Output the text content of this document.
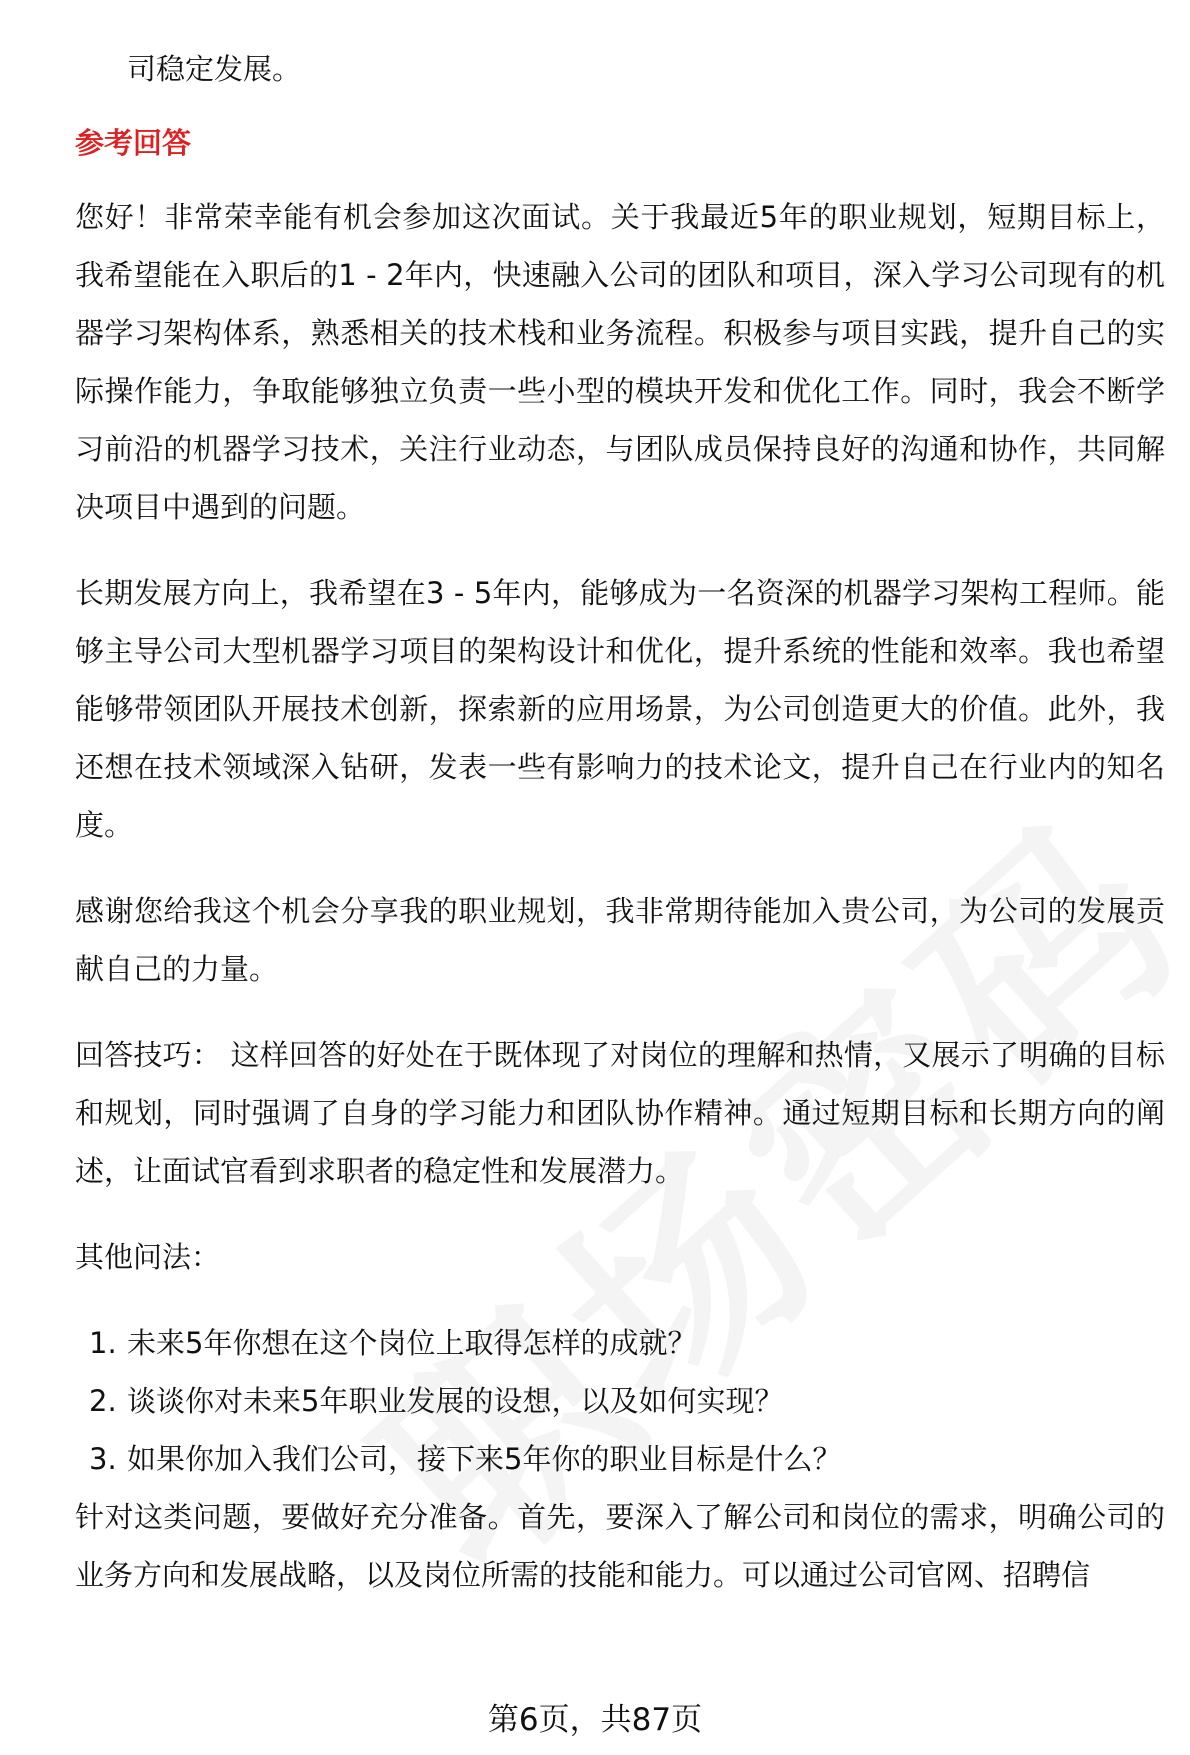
司稳定发展。

参考回答

您好！非常荣幸能有机会参加这次面试。关于我最近5年的职业规划，短期目标上，我希望能在入职后的1 - 2年内，快速融入公司的团队和项目，深入学习公司现有的机器学习架构体系，熟悉相关的技术栈和业务流程。积极参与项目实践，提升自己的实际操作能力，争取能够独立负责一些小型的模块开发和优化工作。同时，我会不断学习前沿的机器学习技术，关注行业动态，与团队成员保持良好的沟通和协作，共同解决项目中遇到的问题。

长期发展方向上，我希望在3 - 5年内，能够成为一名资深的机器学习架构工程师。能够主导公司大型机器学习项目的架构设计和优化，提升系统的性能和效率。我也希望能够带领团队开展技术创新，探索新的应用场景，为公司创造更大的价值。此外，我还想在技术领域深入钻研，发表一些有影响力的技术论文，提升自己在行业内的知名度。

感谢您给我这个机会分享我的职业规划，我非常期待能加入贵公司，为公司的发展贡献自己的力量。

回答技巧： 这样回答的好处在于既体现了对岗位的理解和热情，又展示了明确的目标和规划，同时强调了自身的学习能力和团队协作精神。通过短期目标和长期方向的阐述，让面试官看到求职者的稳定性和发展潜力。

其他问法：

1. 未来5年你想在这个岗位上取得怎样的成就？
2. 谈谈你对未来5年职业发展的设想，以及如何实现？
3. 如果你加入我们公司，接下来5年你的职业目标是什么？

针对这类问题，要做好充分准备。首先，要深入了解公司和岗位的需求，明确公司的业务方向和发展战略，以及岗位所需的技能和能力。可以通过公司官网、招聘信

第6页，共87页
